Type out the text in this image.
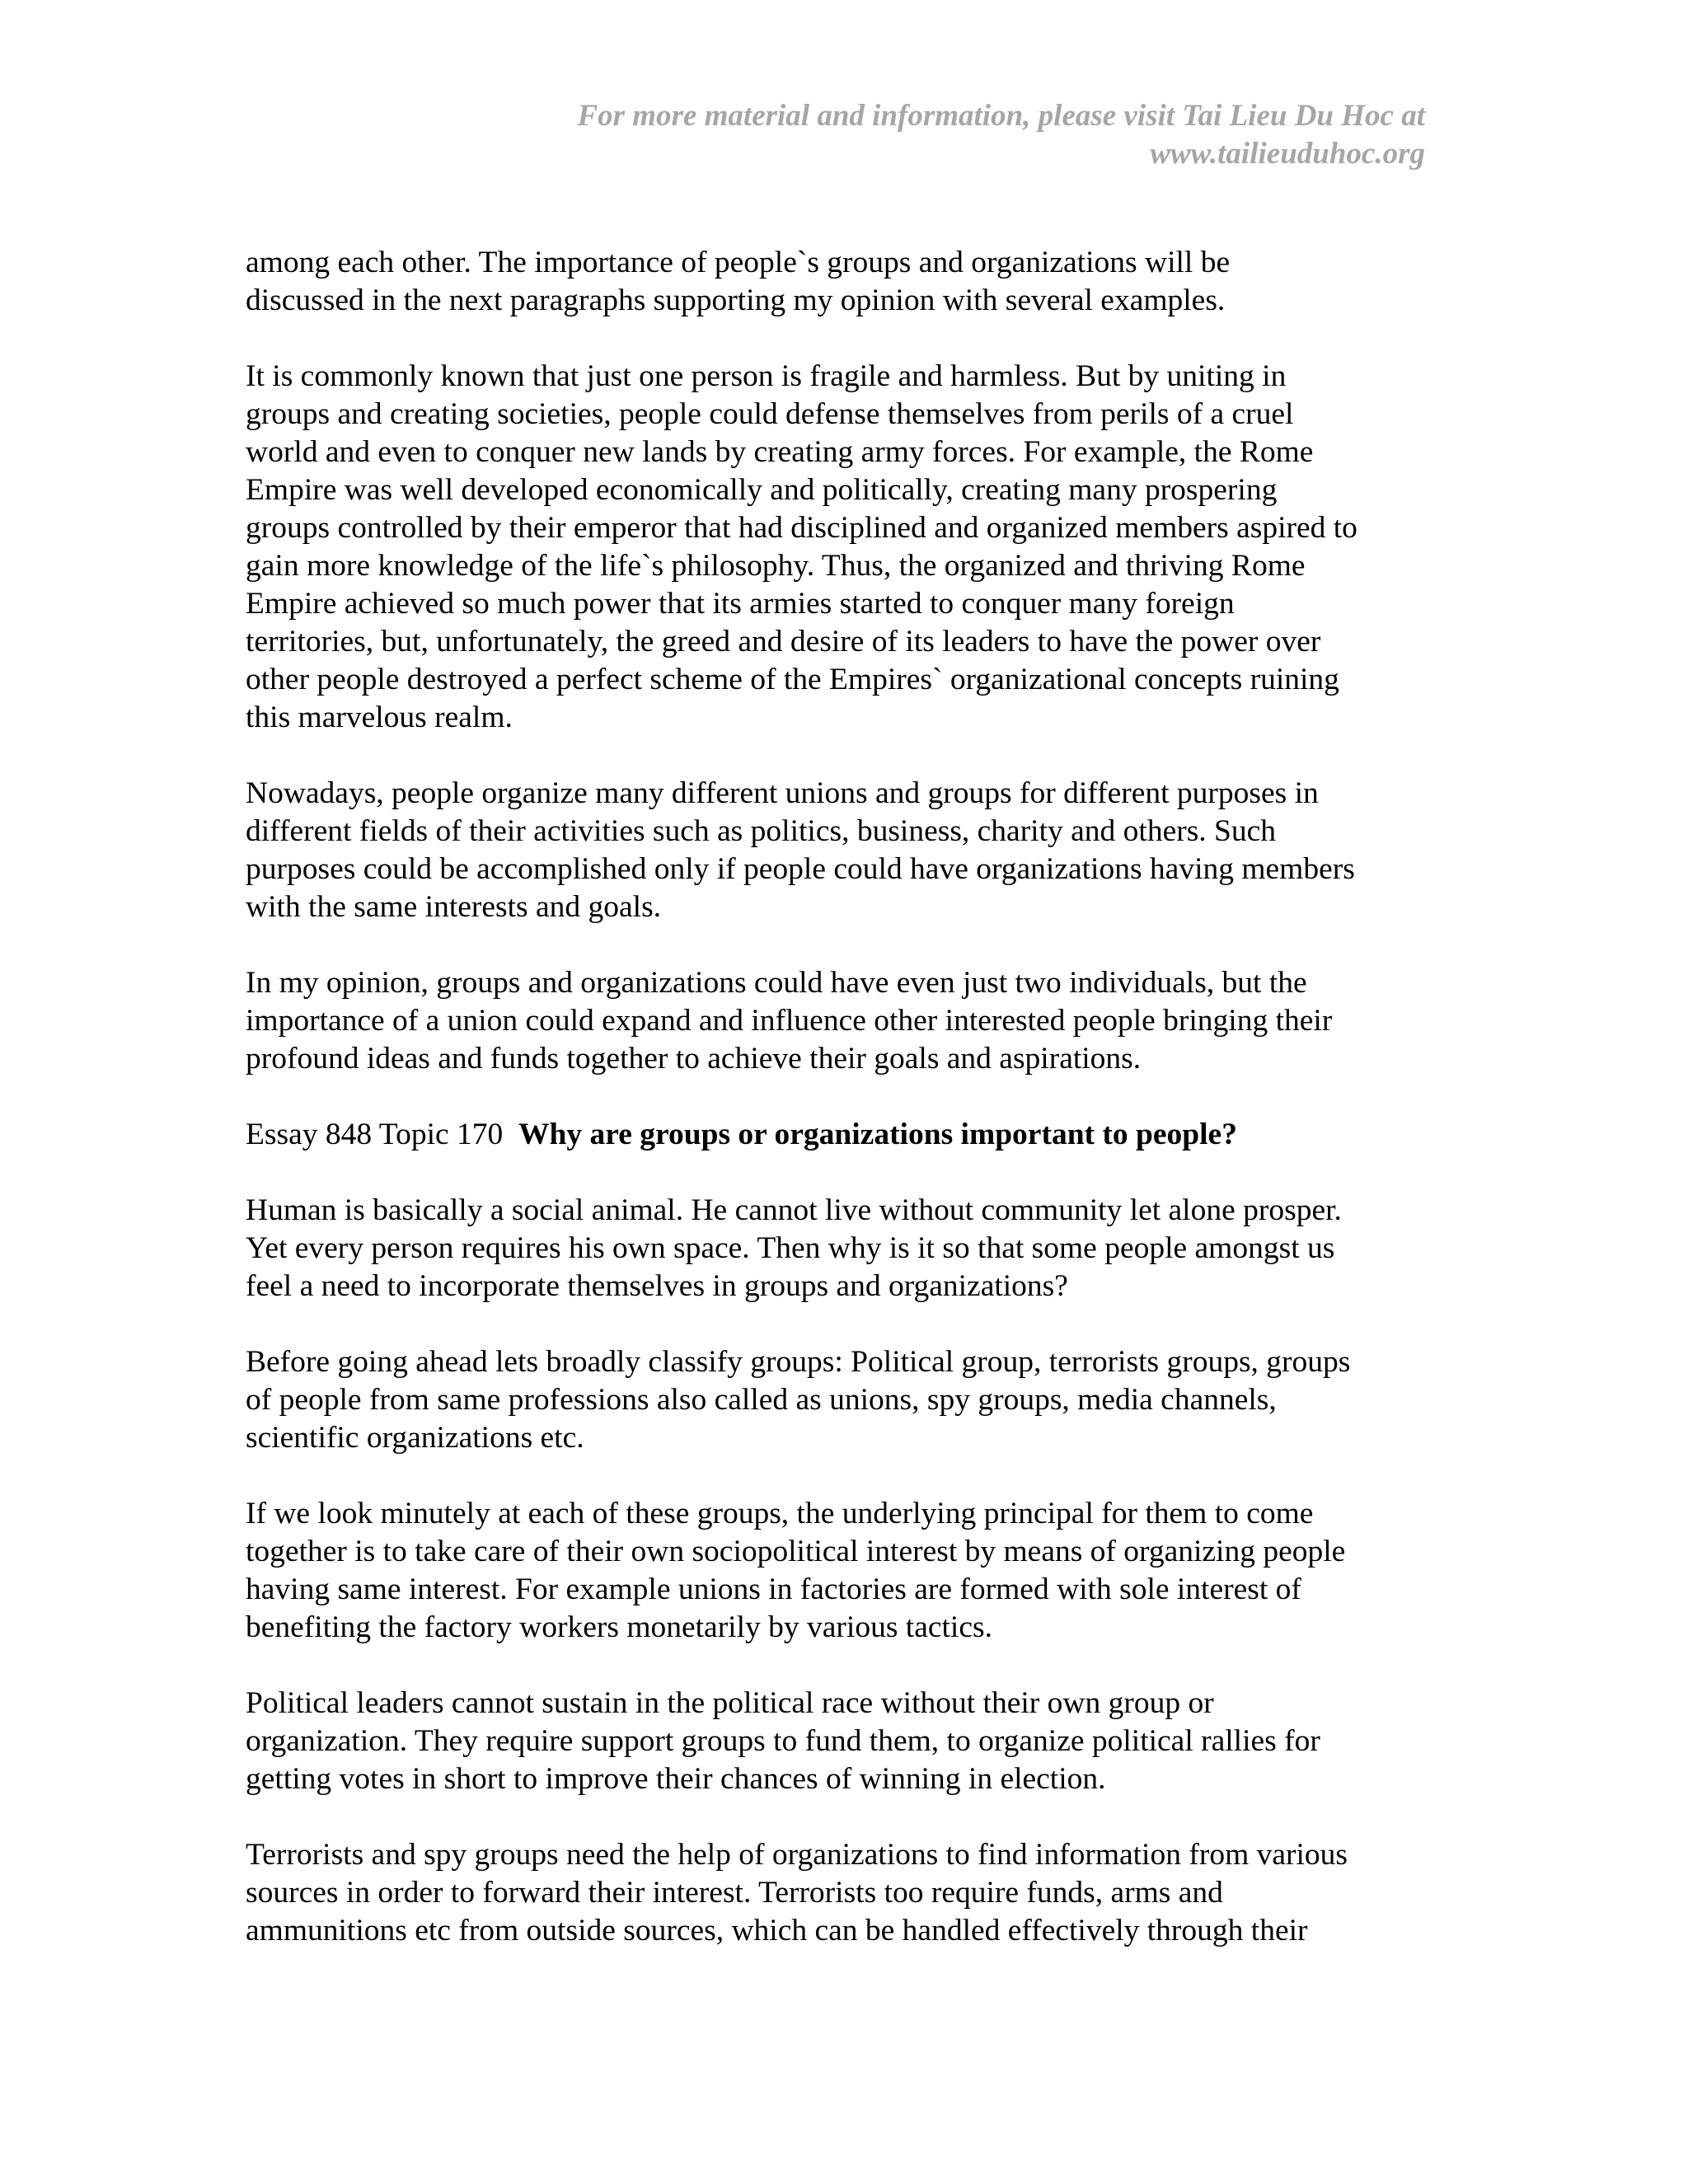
For more material and information, please visit Tai Lieu Du Hoc at
www.tailieuduhoc.org
among each other. The importance of people`s groups and organizations will be
discussed in the next paragraphs supporting my opinion with several examples.
It is commonly known that just one person is fragile and harmless. But by uniting in
groups and creating societies, people could defense themselves from perils of a cruel
world and even to conquer new lands by creating army forces. For example, the Rome
Empire was well developed economically and politically, creating many prospering
groups controlled by their emperor that had disciplined and organized members aspired to
gain more knowledge of the life`s philosophy. Thus, the organized and thriving Rome
Empire achieved so much power that its armies started to conquer many foreign
territories, but, unfortunately, the greed and desire of its leaders to have the power over
other people destroyed a perfect scheme of the Empires` organizational concepts ruining
this marvelous realm.
Nowadays, people organize many different unions and groups for different purposes in
different fields of their activities such as politics, business, charity and others. Such
purposes could be accomplished only if people could have organizations having members
with the same interests and goals.
In my opinion, groups and organizations could have even just two individuals, but the
importance of a union could expand and influence other interested people bringing their
profound ideas and funds together to achieve their goals and aspirations.
Essay 848 Topic 170 Why are groups or organizations important to people?
Human is basically a social animal. He cannot live without community let alone prosper.
Yet every person requires his own space. Then why is it so that some people amongst us
feel a need to incorporate themselves in groups and organizations?
Before going ahead lets broadly classify groups: Political group, terrorists groups, groups
of people from same professions also called as unions, spy groups, media channels,
scientific organizations etc.
If we look minutely at each of these groups, the underlying principal for them to come
together is to take care of their own sociopolitical interest by means of organizing people
having same interest. For example unions in factories are formed with sole interest of
benefiting the factory workers monetarily by various tactics.
Political leaders cannot sustain in the political race without their own group or
organization. They require support groups to fund them, to organize political rallies for
getting votes in short to improve their chances of winning in election.
Terrorists and spy groups need the help of organizations to find information from various
sources in order to forward their interest. Terrorists too require funds, arms and
ammunitions etc from outside sources, which can be handled effectively through their
